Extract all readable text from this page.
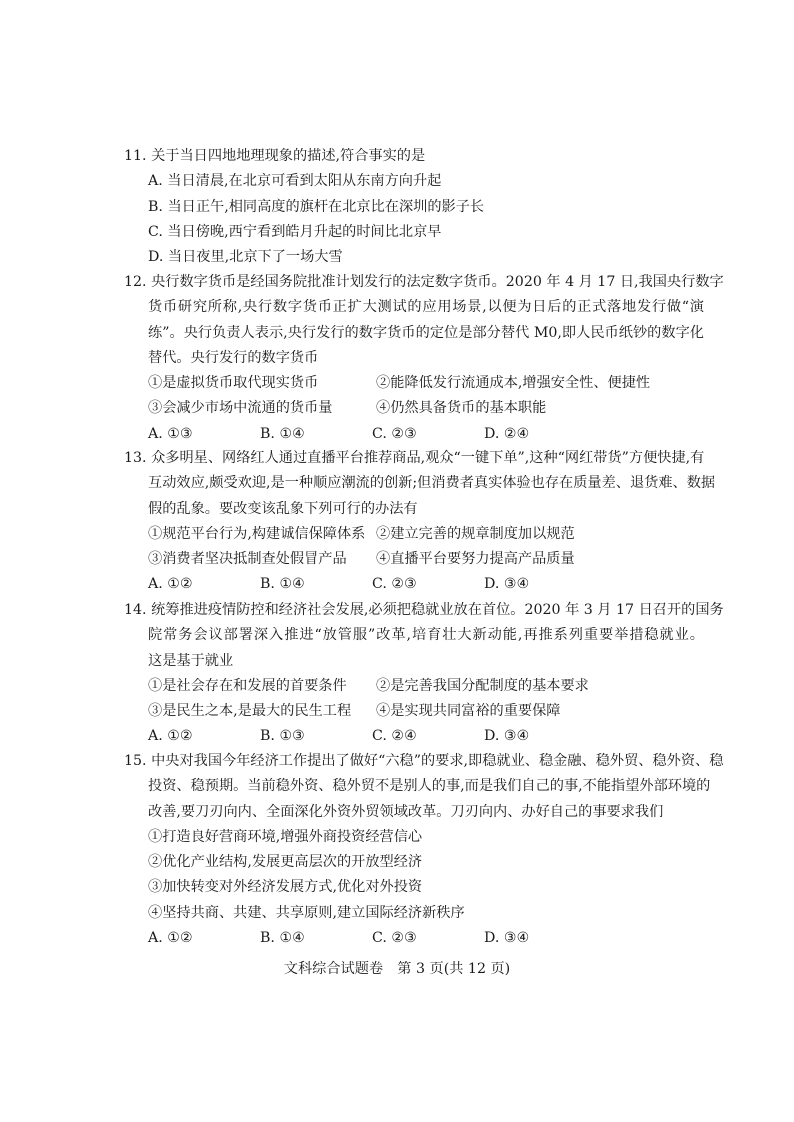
11. 关于当日四地地理现象的描述,符合事实的是
A. 当日清晨,在北京可看到太阳从东南方向升起
B. 当日正午,相同高度的旗杆在北京比在深圳的影子长
C. 当日傍晚,西宁看到皓月升起的时间比北京早
D. 当日夜里,北京下了一场大雪
12. 央行数字货币是经国务院批准计划发行的法定数字货币。2020 年 4 月 17 日,我国央行数字
货币研究所称,央行数字货币正扩大测试的应用场景,以便为日后的正式落地发行做“演
练”。央行负责人表示,央行发行的数字货币的定位是部分替代 M0,即人民币纸钞的数字化
替代。央行发行的数字货币
①是虚拟货币取代现实货币	②能降低发行流通成本,增强安全性、便捷性
③会减少市场中流通的货币量	④仍然具备货币的基本职能
A. ①③	B. ①④	C. ②③	D. ②④
13. 众多明星、网络红人通过直播平台推荐商品,观众“一键下单”,这种“网红带货”方便快捷,有
互动效应,颇受欢迎,是一种顺应潮流的创新;但消费者真实体验也存在质量差、退货难、数据
假的乱象。要改变该乱象下列可行的办法有
①规范平台行为,构建诚信保障体系 ②建立完善的规章制度加以规范
③消费者坚决抵制查处假冒产品	④直播平台要努力提高产品质量
A. ①②	B. ①④	C. ②③	D. ③④
14. 统筹推进疫情防控和经济社会发展,必须把稳就业放在首位。2020 年 3 月 17 日召开的国务
院常务会议部署深入推进“放管服”改革,培育壮大新动能,再推系列重要举措稳就业。
这是基于就业
①是社会存在和发展的首要条件	②是完善我国分配制度的基本要求
③是民生之本,是最大的民生工程	④是实现共同富裕的重要保障
A. ①②	B. ①③	C. ②④	D. ③④
15. 中央对我国今年经济工作提出了做好“六稳”的要求,即稳就业、稳金融、稳外贸、稳外资、稳
投资、稳预期。当前稳外资、稳外贸不是别人的事,而是我们自己的事,不能指望外部环境的
改善,要刀刃向内、全面深化外资外贸领域改革。刀刃向内、办好自己的事要求我们
①打造良好营商环境,增强外商投资经营信心
②优化产业结构,发展更高层次的开放型经济
③加快转变对外经济发展方式,优化对外投资
④坚持共商、共建、共享原则,建立国际经济新秩序
A. ①②	B. ①④	C. ②③	D. ③④
文科综合试题卷　第 3 页(共 12 页)
